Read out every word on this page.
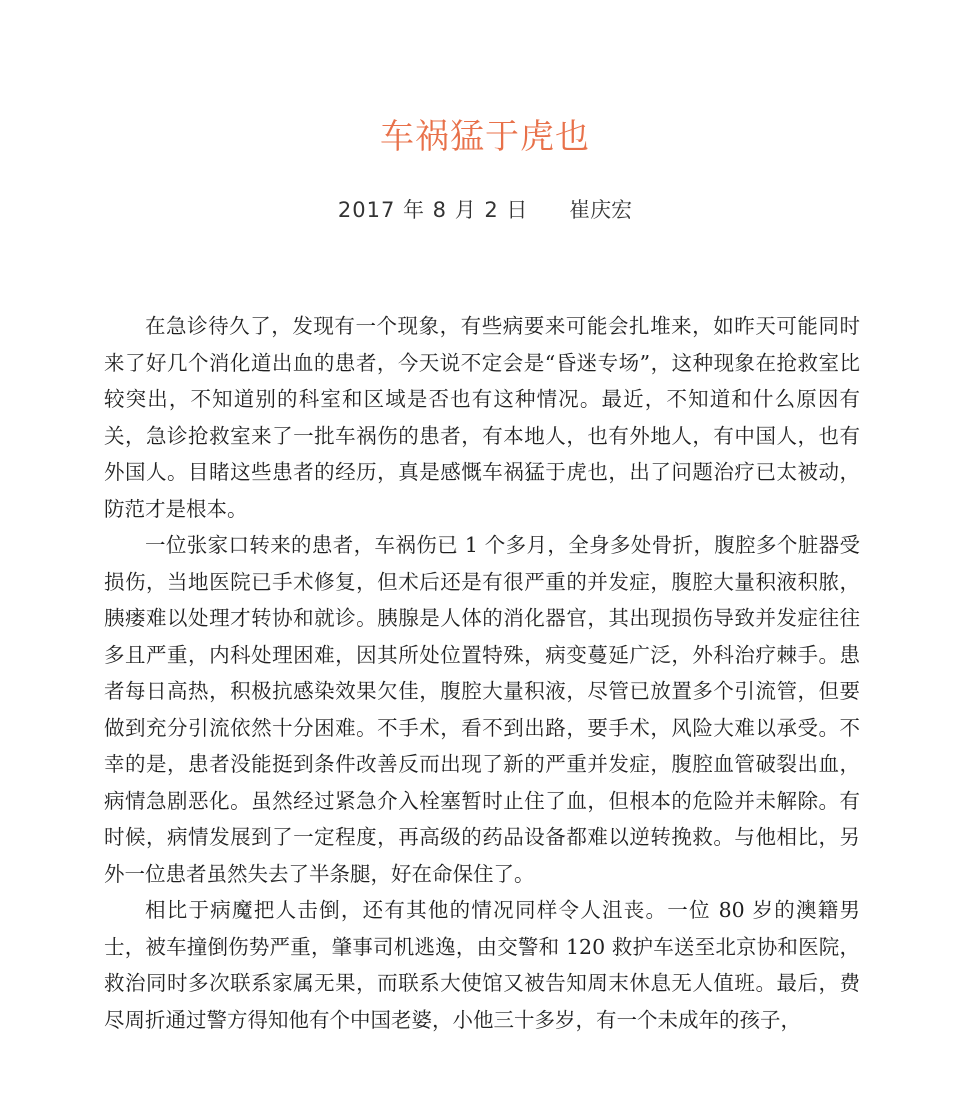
车祸猛于虎也
2017 年 8 月 2 日 崔庆宏

在急诊待久了，发现有一个现象，有些病要来可能会扎堆来，如昨天可能同时来了好几个消化道出血的患者，今天说不定会是“昏迷专场”，这种现象在抢救室比较突出，不知道别的科室和区域是否也有这种情况。最近，不知道和什么原因有关，急诊抢救室来了一批车祸伤的患者，有本地人，也有外地人，有中国人，也有外国人。目睹这些患者的经历，真是感慨车祸猛于虎也，出了问题治疗已太被动，防范才是根本。

一位张家口转来的患者，车祸伤已 1 个多月，全身多处骨折，腹腔多个脏器受损伤，当地医院已手术修复，但术后还是有很严重的并发症，腹腔大量积液积脓，胰瘘难以处理才转协和就诊。胰腺是人体的消化器官，其出现损伤导致并发症往往多且严重，内科处理困难，因其所处位置特殊，病变蔓延广泛，外科治疗棘手。患者每日高热，积极抗感染效果欠佳，腹腔大量积液，尽管已放置多个引流管，但要做到充分引流依然十分困难。不手术，看不到出路，要手术，风险大难以承受。不幸的是，患者没能挺到条件改善反而出现了新的严重并发症，腹腔血管破裂出血，病情急剧恶化。虽然经过紧急介入栓塞暂时止住了血，但根本的危险并未解除。有时候，病情发展到了一定程度，再高级的药品设备都难以逆转挽救。与他相比，另外一位患者虽然失去了半条腿，好在命保住了。

相比于病魔把人击倒，还有其他的情况同样令人沮丧。一位 80 岁的澳籍男士，被车撞倒伤势严重，肇事司机逃逸，由交警和 120 救护车送至北京协和医院，救治同时多次联系家属无果，而联系大使馆又被告知周末休息无人值班。最后，费尽周折通过警方得知他有个中国老婆，小他三十多岁，有一个未成年的孩子，
